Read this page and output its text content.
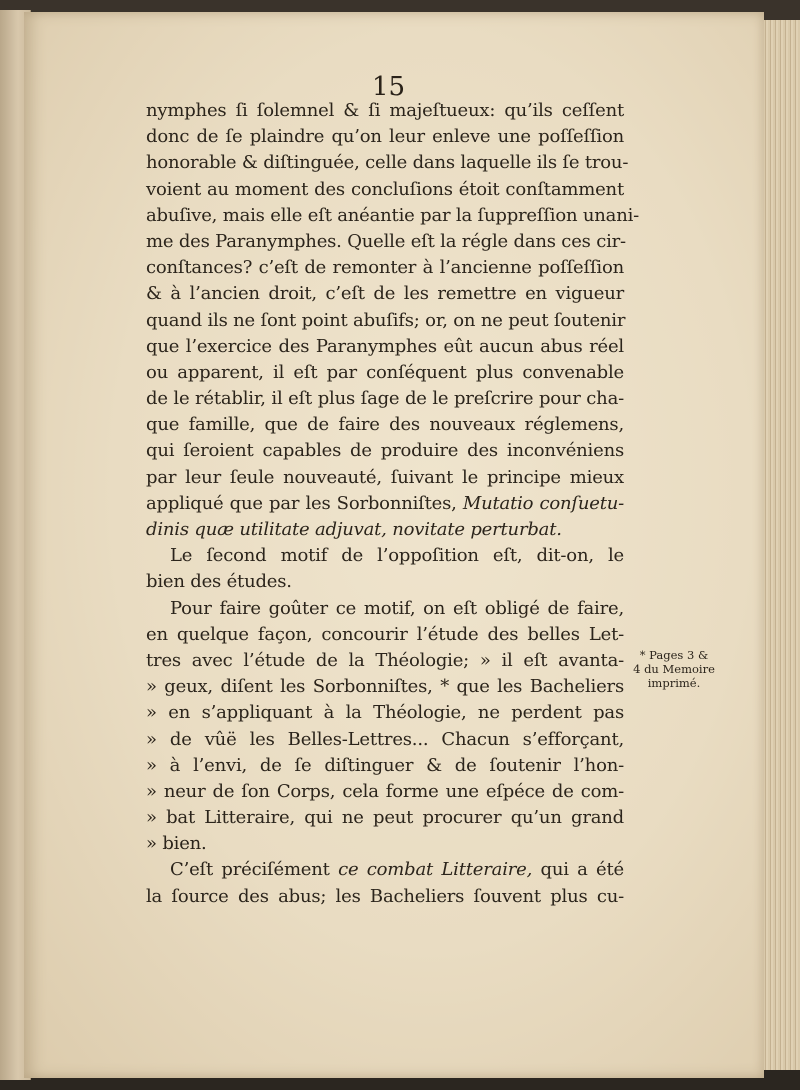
15

nymphes ſi ſolemnel & ſi majeſtueux: qu’ils ceſſent
donc de ſe plaindre qu’on leur enleve une poſſeſſion
honorable & diſtinguée, celle dans laquelle ils ſe trou-
voient au moment des concluſions étoit conſtamment
abuſive, mais elle eſt anéantie par la ſuppreſſion unani-
me des Paranymphes. Quelle eſt la régle dans ces cir-
conſtances? c’eſt de remonter à l’ancienne poſſeſſion
& à l’ancien droit, c’eſt de les remettre en vigueur
quand ils ne ſont point abuſifs; or, on ne peut ſoutenir
que l’exercice des Paranymphes eût aucun abus réel
ou apparent, il eſt par conſéquent plus convenable
de le rétablir, il eſt plus ſage de le preſcrire pour cha-
que famille, que de faire des nouveaux réglemens,
qui ſeroient capables de produire des inconvéniens
par leur ſeule nouveauté, ſuivant le principe mieux
appliqué que par les Sorbonniſtes, Mutatio conſuetu-
dinis quæ utilitate adjuvat, novitate perturbat.
Le ſecond motif de l’oppoſition eſt, dit-on, le
bien des études.
Pour faire goûter ce motif, on eſt obligé de faire,
en quelque façon, concourir l’étude des belles Let-
tres avec l’étude de la Théologie; » il eſt avanta-
» geux, diſent les Sorbonniſtes, * que les Bacheliers
» en s’appliquant à la Théologie, ne perdent pas
» de vûë les Belles-Lettres... Chacun s’efforçant,
» à l’envi, de ſe diſtinguer & de ſoutenir l’hon-
» neur de ſon Corps, cela forme une eſpéce de com-
» bat Litteraire, qui ne peut procurer qu’un grand
» bien.
C’eſt préciſément ce combat Litteraire, qui a été
la ſource des abus; les Bacheliers ſouvent plus cu-
* Pages 3 &
4 du Memoire
imprimé.
